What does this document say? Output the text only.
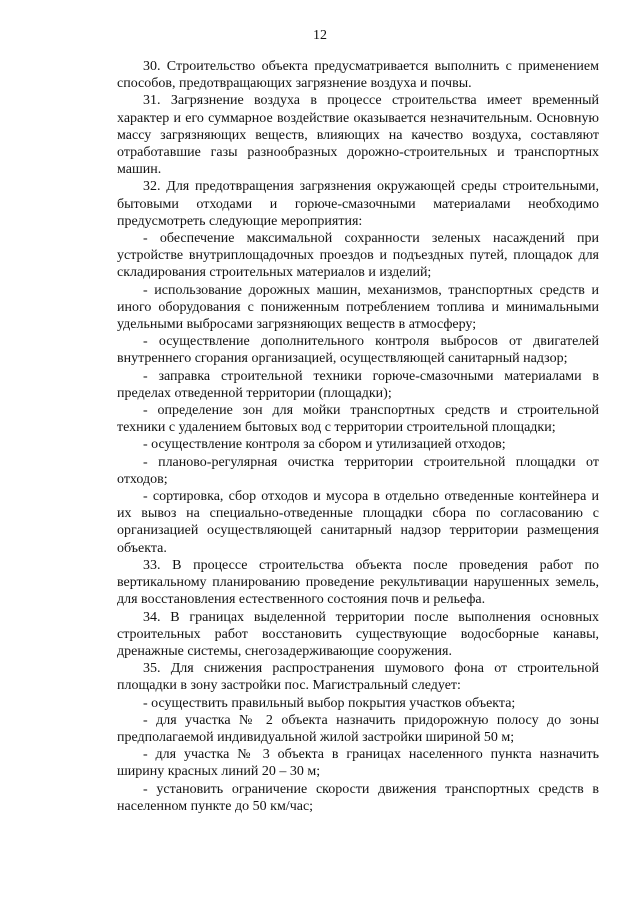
12

30. Строительство объекта предусматривается выполнить с применением способов, предотвращающих загрязнение воздуха и почвы.

31. Загрязнение воздуха в процессе строительства имеет временный характер и его суммарное воздействие оказывается незначительным. Основную массу загрязняющих веществ, влияющих на качество воздуха, составляют отработавшие газы разнообразных дорожно-строительных и транспортных машин.

32. Для предотвращения загрязнения окружающей среды строительными, бытовыми отходами и горюче-смазочными материалами необходимо предусмотреть следующие мероприятия:

- обеспечение максимальной сохранности зеленых насаждений при устройстве внутриплощадочных проездов и подъездных путей, площадок для складирования строительных материалов и изделий;

- использование дорожных машин, механизмов, транспортных средств и иного оборудования с пониженным потреблением топлива и минимальными удельными выбросами загрязняющих веществ в атмосферу;

- осуществление дополнительного контроля выбросов от двигателей внутреннего сгорания организацией, осуществляющей санитарный надзор;

- заправка строительной техники горюче-смазочными материалами в пределах отведенной территории (площадки);

- определение зон для мойки транспортных средств и строительной техники с удалением бытовых вод с территории строительной площадки;

- осуществление контроля за сбором и утилизацией отходов;

- планово-регулярная очистка территории строительной площадки от отходов;

- сортировка, сбор отходов и мусора в отдельно отведенные контейнера и их вывоз на специально-отведенные площадки сбора по согласованию с организацией осуществляющей санитарный надзор территории размещения объекта.

33. В процессе строительства объекта после проведения работ по вертикальному планированию проведение рекультивации нарушенных земель, для восстановления естественного состояния почв и рельефа.

34. В границах выделенной территории после выполнения основных строительных работ восстановить существующие водосборные канавы, дренажные системы, снегозадерживающие сооружения.

35. Для снижения распространения шумового фона от строительной площадки в зону застройки пос. Магистральный следует:

- осуществить правильный выбор покрытия участков объекта;

- для участка № 2 объекта назначить придорожную полосу до зоны предполагаемой индивидуальной жилой застройки шириной 50 м;

- для участка № 3 объекта в границах населенного пункта назначить ширину красных линий 20 – 30 м;

- установить ограничение скорости движения транспортных средств в населенном пункте до 50 км/час;
